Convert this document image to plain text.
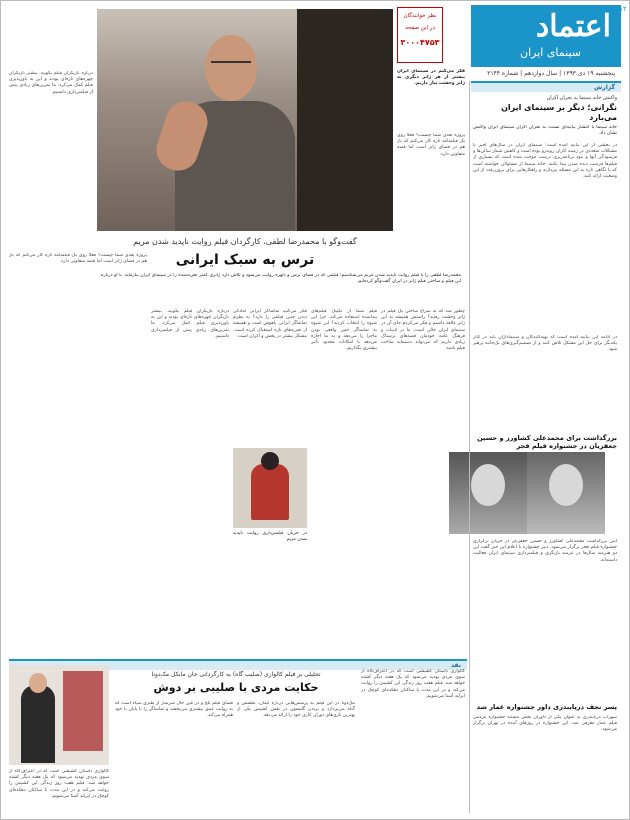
اعتماد
سینمای ایران
۱۲
پنجشنبه ۱۹ دی ۱۳۹۳ | سال دوازدهم | شماره ۳۱۴۴
نظر خوانندگان
در این صفحه
۳۰۰۰۴۷۵۳
گزارش
واکنش خانه سینما به بحران اکران
نگرانی؛ دیگر بر سینمای ایران می‌بارد
خانه سینما با انتشار بیانیه‌ای نسبت به بحران اکران سینمای ایران واکنش نشان داد.
در بخشی از این بیانیه آمده است: سینمای ایران در سال‌های اخیر با مشکلات متعددی در زمینه اکران روبه‌رو بوده است و کاهش شمار سالن‌ها و فرسودگی آنها و نبود برنامه‌ریزی درست موجب شده است که بسیاری از فیلم‌ها فرصت دیده شدن پیدا نکنند. خانه سینما از مسئولان خواسته است که با نگاهی تازه به این مسئله بپردازند و راهکارهایی برای برون‌رفت از این وضعیت ارائه کنند.
در ادامه این بیانیه آمده است که تهیه‌کنندگان و سینماداران باید در کنار یکدیگر برای حل این مشکل تلاش کنند و از تصمیم‌گیری‌های یک‌جانبه پرهیز شود.
بزرگداشت برای محمدعلی کشاورز و حسین جعفریان در جشنواره فیلم فجر
آیین بزرگداشت محمدعلی کشاورز و حسین جعفریان در جریان برگزاری جشنواره فیلم فجر برگزار می‌شود. دبیر جشنواره با اعلام این خبر گفت این دو هنرمند سال‌ها در عرصه بازیگری و فیلمبرداری سینمای ایران فعالیت داشته‌اند.
پسر نجف دریابندری داور جشنواره عمار شد
سهراب دریابندری به عنوان یکی از داوران بخش مستند جشنواره مردمی فیلم عمار معرفی شد. این جشنواره در روزهای آینده در تهران برگزار می‌شود.
فکر می‌کنم در سینمای ایران بیشتر از هر ژانر دیگری به ژانر وحشت نیاز داریم.
پروژه بعدی شما چیست؟ فعلاً روی یک فیلمنامه تازه کار می‌کنم که باز هم در فضای ژانر است اما قصه متفاوتی دارد.
درباره بازیگران فیلم بگویید. بیشتر بازیگران چهره‌های تازه‌ای بودند و این به باورپذیری فیلم کمک می‌کرد. ما تمرین‌های زیادی پیش از فیلمبرداری داشتیم.
گفت‌وگو با محمدرضا لطفی، کارگردان فیلم روایت ناپدید شدن مریم
ترس به سبک ایرانی
محمدرضا لطفی را با فیلم روایت ناپدید شدن مریم می‌شناسیم؛ فیلمی که در فضای ترس و دلهره روایت می‌شود و تلاش دارد ژانری کمتر تجربه‌شده را در سینمای ایران بیازماید. با او درباره این فیلم و ساختن فیلم ژانر در ایران گفت‌وگو کرده‌ایم.
چطور شد که به سراغ ساختن یک فیلم در ژانر وحشت رفتید؟ راستش همیشه به این ژانر علاقه داشتم و فکر می‌کردم جای آن در سینمای ایران خالی است. ما در ادبیات و فرهنگ عامه خودمان قصه‌های ترسناک زیادی داریم که می‌تواند دستمایه ساخت فیلم باشد.
فیلم شما از تکنیک فیلم‌های پیداشده استفاده می‌کند. چرا این شیوه را انتخاب کردید؟ این شیوه به تماشاگر حس واقعی بودن ماجرا را می‌دهد و به ما اجازه می‌دهد با امکانات محدود تأثیر بیشتری بگذاریم.
فکر می‌کنید تماشاگر ایرانی آمادگی دیدن چنین فیلمی را دارد؟ به نظرم تماشاگر ایرانی باهوش است و همیشه از تجربه‌های تازه استقبال کرده است. مشکل بیشتر در پخش و اکران است.
در جریان فیلمبرداری روایت ناپدید شدن مریم
درباره بازیگران فیلم بگویید. بیشتر بازیگران چهره‌های تازه‌ای بودند و این به باورپذیری فیلم کمک می‌کرد. ما تمرین‌های زیادی پیش از فیلمبرداری داشتیم.
پروژه بعدی شما چیست؟ فعلاً روی یک فیلمنامه تازه کار می‌کنم که باز هم در فضای ژانر است اما قصه متفاوتی دارد.
نقد
تحلیلی بر فیلم کالواری (صلیب گاه) به کارگردانی جان مایکل مک‌دونا
حکایت مردی با صلیبی بر دوش
کالواری داستان کشیشی است که در اعتراف‌گاه از سوی مردی تهدید می‌شود که یک هفته دیگر کشته خواهد شد. فیلم هفت روز زندگی این کشیش را روایت می‌کند و در این مدت با ساکنان دهکده‌ای کوچک در ایرلند آشنا می‌شویم.
مک‌دونا در این فیلم به پرسش‌هایی درباره ایمان، بخشش و گناه می‌پردازد و برندن گلیسون در نقش کشیش یکی از بهترین بازی‌های دوران کاری خود را ارائه می‌دهد.
فضای فیلم تلخ و در عین حال سرشار از طنزی سیاه است که به روایت عمق بیشتری می‌بخشد و تماشاگر را تا پایان با خود همراه می‌کند.
کالواری داستان کشیشی است که در اعتراف‌گاه از سوی مردی تهدید می‌شود که یک هفته دیگر کشته خواهد شد. فیلم هفت روز زندگی این کشیش را روایت می‌کند و در این مدت با ساکنان دهکده‌ای کوچک در ایرلند آشنا می‌شویم.
